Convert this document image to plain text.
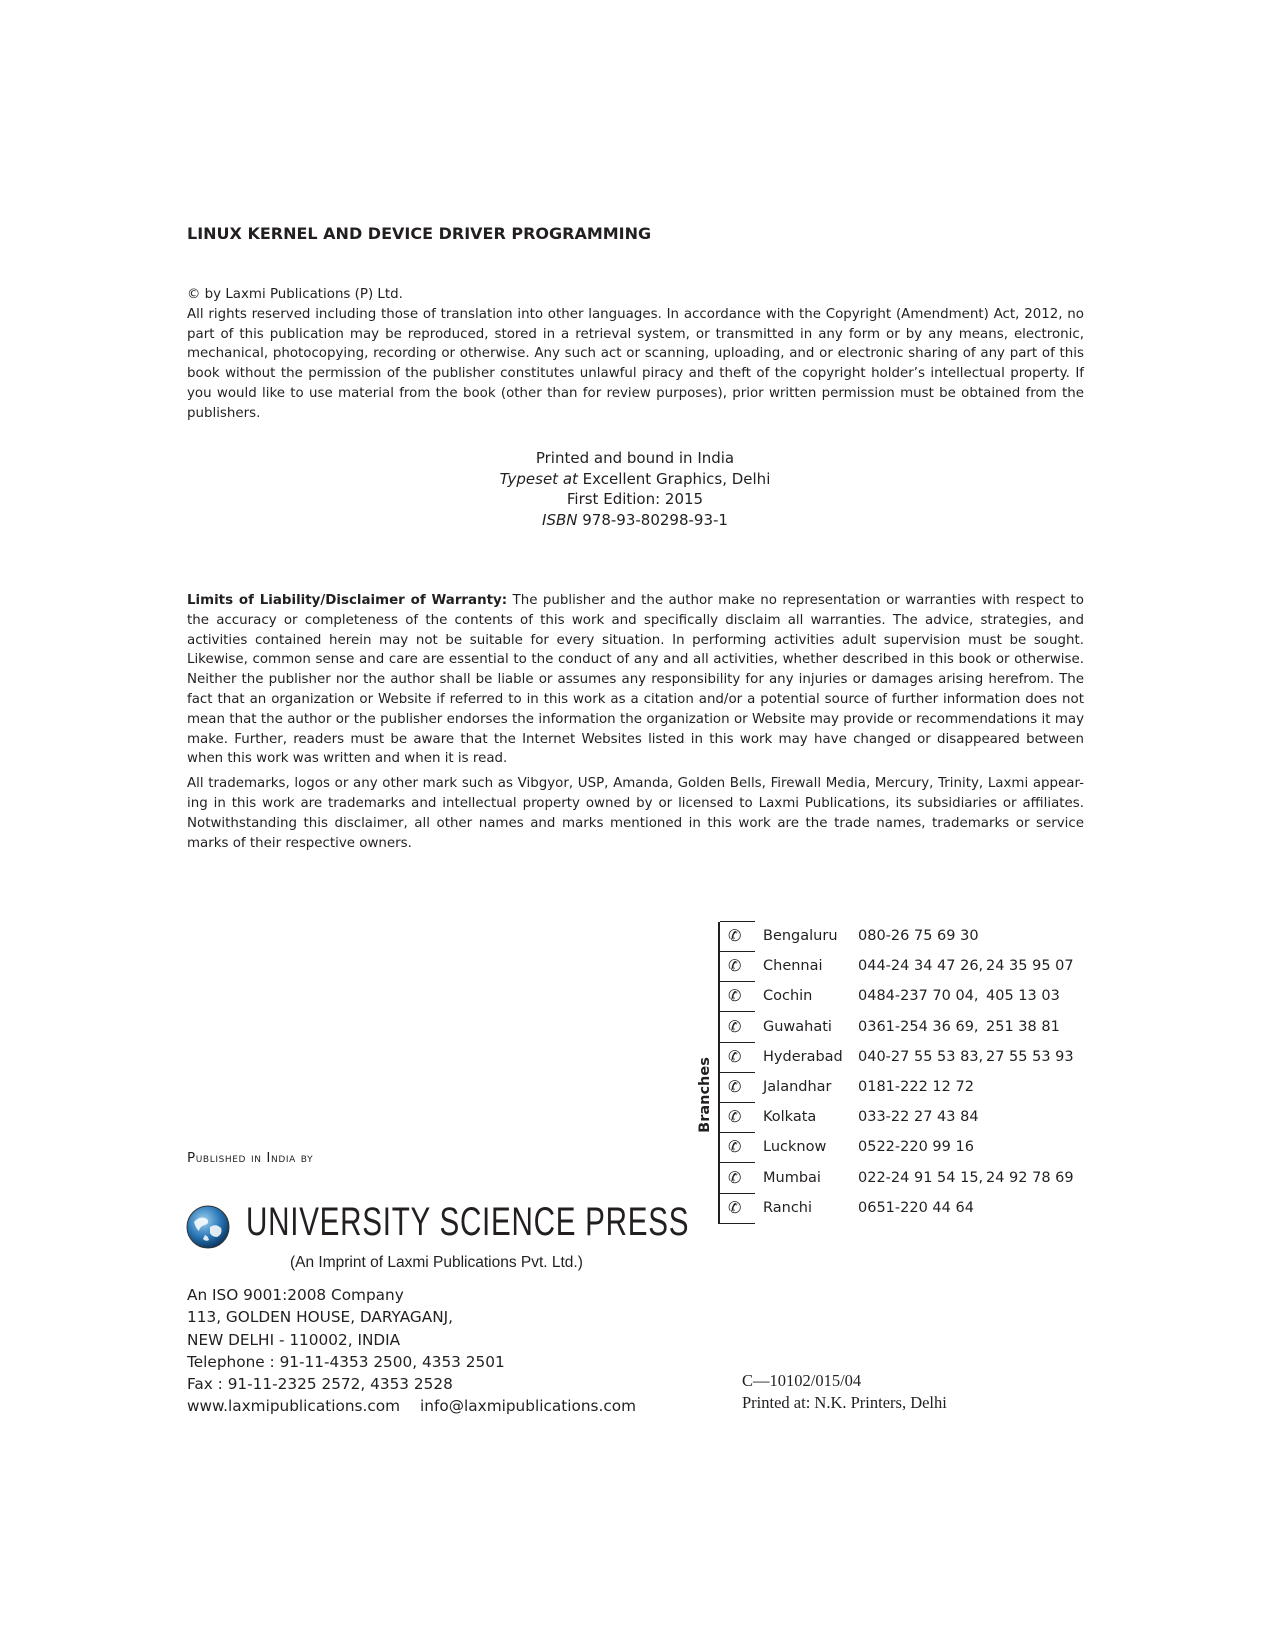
LINUX KERNEL AND DEVICE DRIVER PROGRAMMING

© by Laxmi Publications (P) Ltd.

All rights reserved including those of translation into other languages. In accordance with the Copyright (Amendment) Act, 2012, no part of this publication may be reproduced, stored in a retrieval system, or transmitted in any form or by any means, electronic, mechanical, photocopying, recording or otherwise. Any such act or scanning, uploading, and or electronic sharing of any part of this book without the permission of the publisher constitutes unlawful piracy and theft of the copyright holder’s intellectual property. If you would like to use material from the book (other than for review purposes), prior written permission must be obtained from the publishers.

Printed and bound in India
Typeset at Excellent Graphics, Delhi
First Edition: 2015
ISBN 978-93-80298-93-1

Limits of Liability/Disclaimer of Warranty: The publisher and the author make no representation or warranties with respect to the accuracy or completeness of the contents of this work and specifically disclaim all warranties. The advice, strategies, and activities contained herein may not be suitable for every situation. In performing activities adult supervision must be sought. Likewise, common sense and care are essential to the conduct of any and all activities, whether described in this book or otherwise. Neither the publisher nor the author shall be liable or assumes any responsibility for any injuries or damages arising herefrom. The fact that an organization or Website if referred to in this work as a citation and/or a potential source of further information does not mean that the author or the publisher endorses the information the organization or Website may provide or recommendations it may make. Further, readers must be aware that the Internet Websites listed in this work may have changed or disappeared between when this work was written and when it is read.

All trademarks, logos or any other mark such as Vibgyor, USP, Amanda, Golden Bells, Firewall Media, Mercury, Trinity, Laxmi appear-ing in this work are trademarks and intellectual property owned by or licensed to Laxmi Publications, its subsidiaries or affiliates. Notwithstanding this disclaimer, all other names and marks mentioned in this work are the trade names, trademarks or service marks of their respective owners.

Branches
✆ Bengaluru 080-26 75 69 30
✆ Chennai 044-24 34 47 26, 24 35 95 07
✆ Cochin	0484-237 70 04, 405 13 03
✆ Guwahati 0361-254 36 69, 251 38 81
✆ Hyderabad 040-27 55 53 83, 27 55 53 93
✆ Jalandhar 0181-222 12 72
✆ Kolkata	033-22 27 43 84
✆ Lucknow 0522-220 99 16
✆ Mumbai	022-24 91 54 15, 24 92 78 69
✆ Ranchi	0651-220 44 64
Published in India by
UNIVERSITY SCIENCE PRESS
(An Imprint of Laxmi Publications Pvt. Ltd.)
An ISO 9001:2008 Company
113, GOLDEN HOUSE, DARYAGANJ,
NEW DELHI - 110002, INDIA
Telephone : 91-11-4353 2500, 4353 2501
Fax : 91-11-2325 2572, 4353 2528
www.laxmipublications.com info@laxmipublications.com
C—10102/015/04
Printed at: N.K. Printers, Delhi
